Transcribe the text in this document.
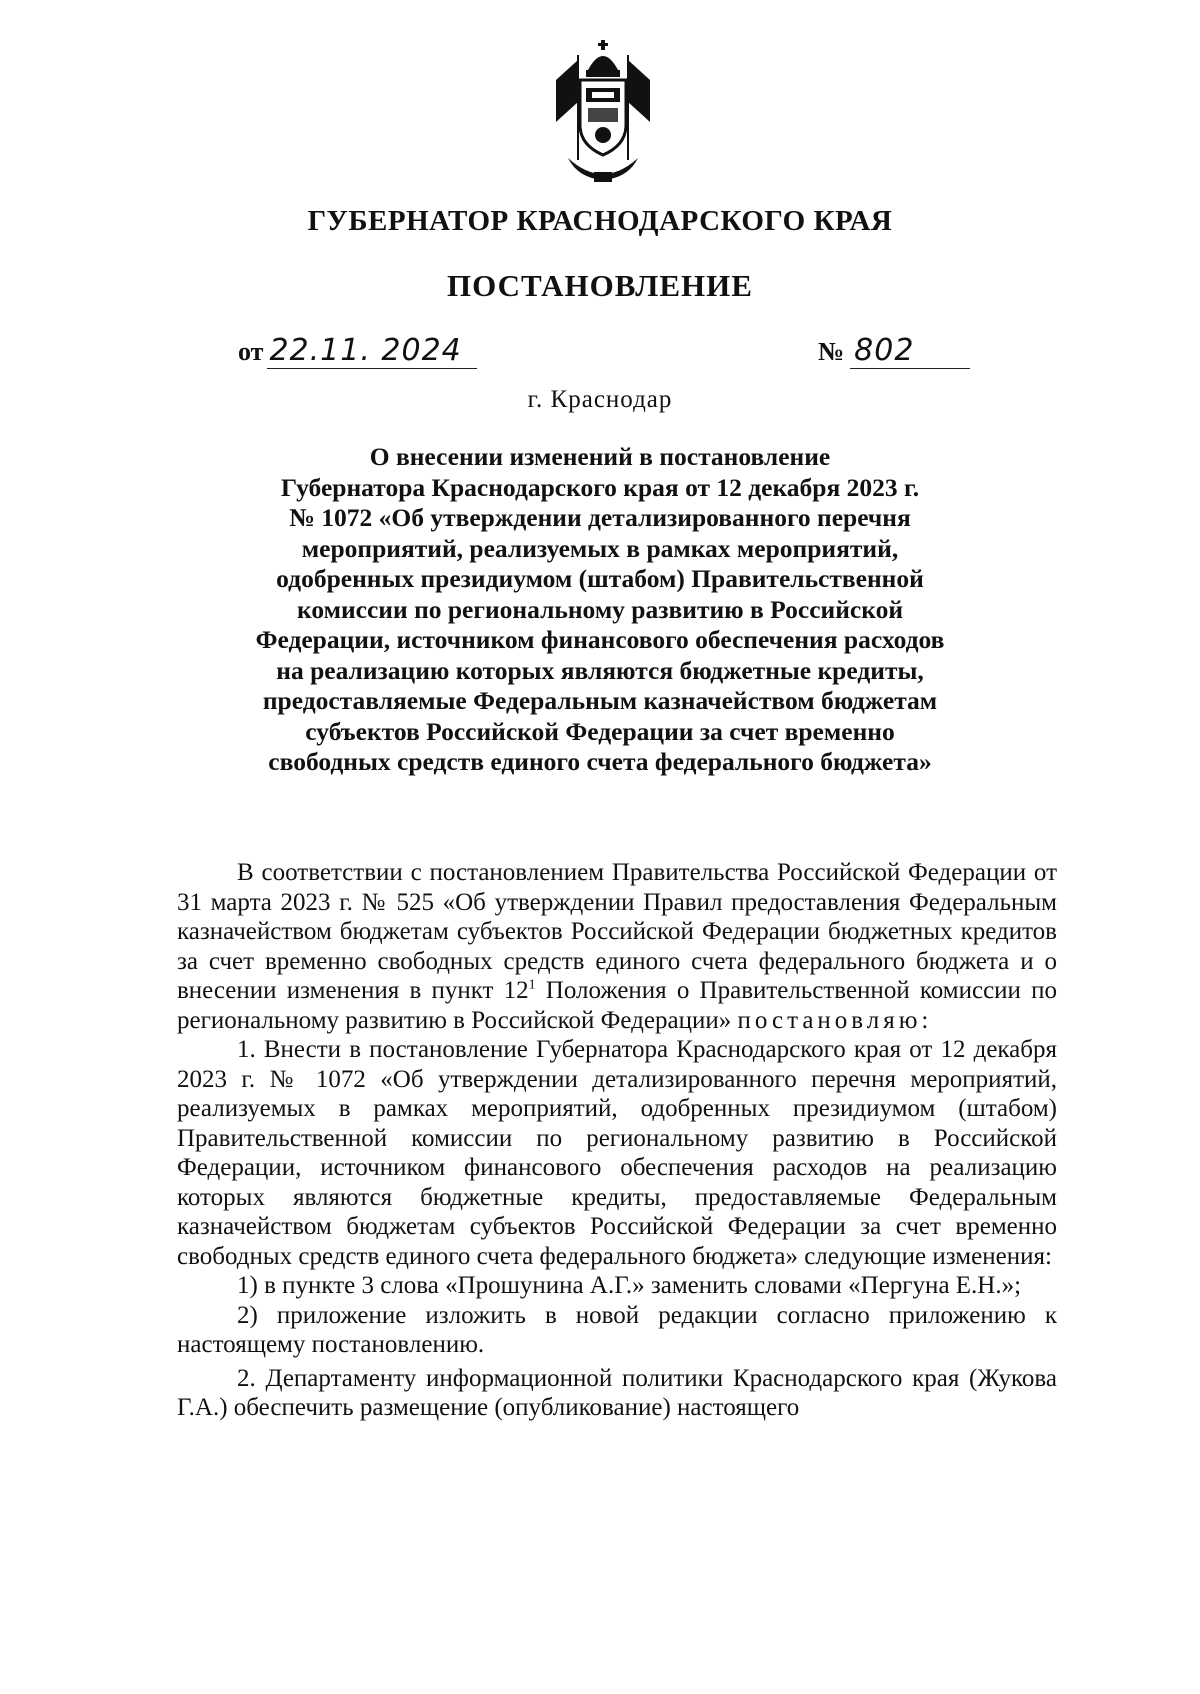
ГУБЕРНАТОР КРАСНОДАРСКОГО КРАЯ
ПОСТАНОВЛЕНИЕ
от 22.11. 2024	№ 802
г. Краснодар
О внесении изменений в постановление
Губернатора Краснодарского края от 12 декабря 2023 г.
№ 1072 «Об утверждении детализированного перечня
мероприятий, реализуемых в рамках мероприятий,
одобренных президиумом (штабом) Правительственной
комиссии по региональному развитию в Российской
Федерации, источником финансового обеспечения расходов
на реализацию которых являются бюджетные кредиты,
предоставляемые Федеральным казначейством бюджетам
субъектов Российской Федерации за счет временно
свободных средств единого счета федерального бюджета»

В соответствии с постановлением Правительства Российской Федерации от 31 марта 2023 г. № 525 «Об утверждении Правил предоставления Федеральным казначейством бюджетам субъектов Российской Федерации бюджетных кредитов за счет временно свободных средств единого счета федерального бюджета и о внесении изменения в пункт $12^1$ Положения о Правительственной комиссии по региональному развитию в Российской Федерации» постановляю:

1. Внести в постановление Губернатора Краснодарского края от 12 декабря 2023 г. № 1072 «Об утверждении детализированного перечня мероприятий, реализуемых в рамках мероприятий, одобренных президиумом (штабом) Правительственной комиссии по региональному развитию в Российской Федерации, источником финансового обеспечения расходов на реализацию которых являются бюджетные кредиты, предоставляемые Федеральным казначейством бюджетам субъектов Российской Федерации за счет временно свободных средств единого счета федерального бюджета» следующие изменения:

1) в пункте 3 слова «Прошунина А.Г.» заменить словами «Пергуна Е.Н.»;

2) приложение изложить в новой редакции согласно приложению к настоящему постановлению.

2. Департаменту информационной политики Краснодарского края (Жукова Г.А.) обеспечить размещение (опубликование) настоящего
